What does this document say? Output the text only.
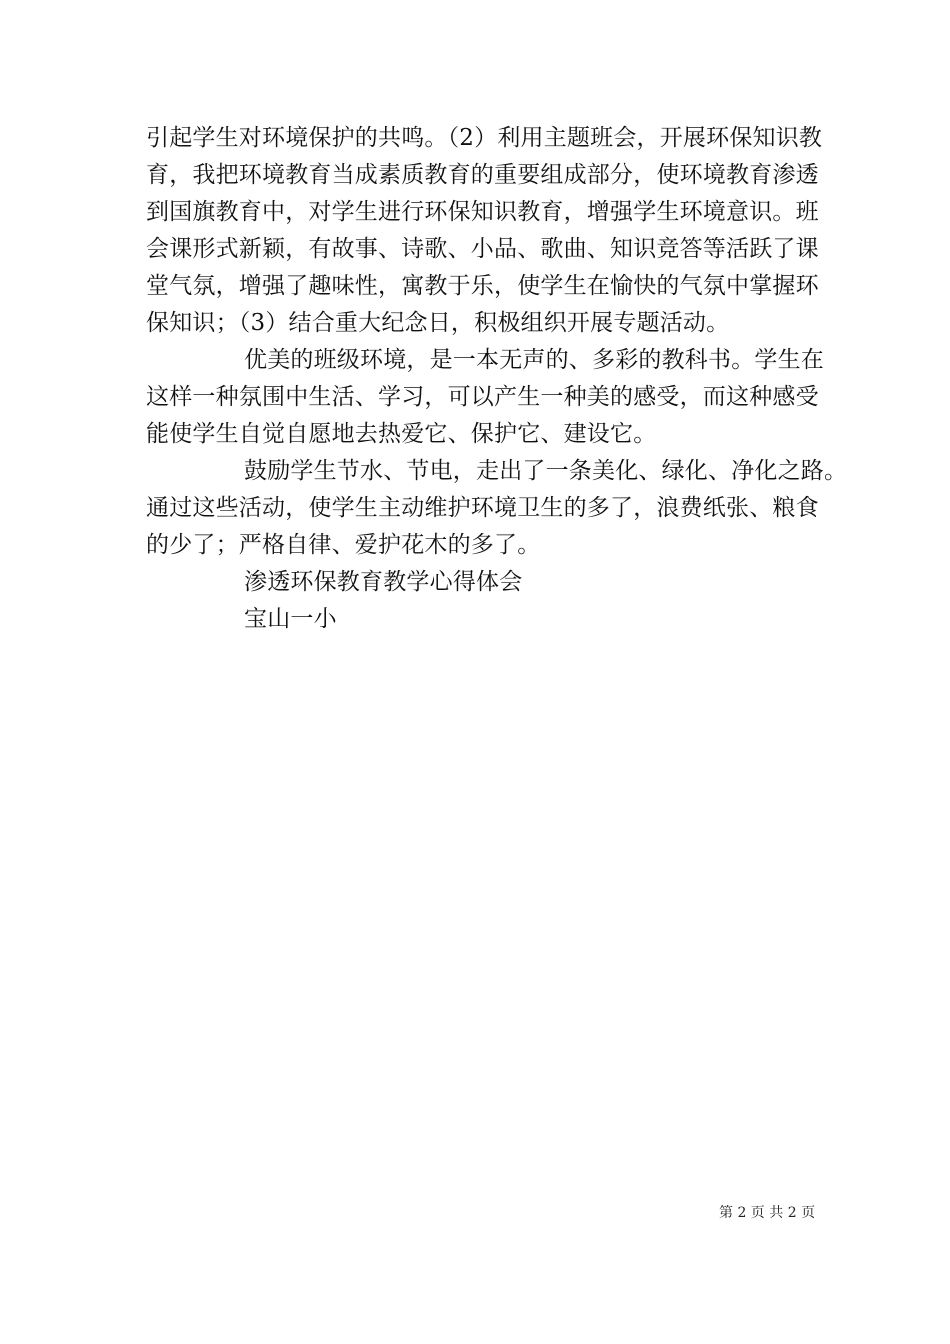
引起学生对环境保护的共鸣。（2）利用主题班会，开展环保知识教
育，我把环境教育当成素质教育的重要组成部分，使环境教育渗透
到国旗教育中，对学生进行环保知识教育，增强学生环境意识。班
会课形式新颖，有故事、诗歌、小品、歌曲、知识竞答等活跃了课
堂气氛，增强了趣味性，寓教于乐，使学生在愉快的气氛中掌握环
保知识；（3）结合重大纪念日，积极组织开展专题活动。
优美的班级环境，是一本无声的、多彩的教科书。学生在
这样一种氛围中生活、学习，可以产生一种美的感受，而这种感受
能使学生自觉自愿地去热爱它、保护它、建设它。
鼓励学生节水、节电，走出了一条美化、绿化、净化之路。
通过这些活动，使学生主动维护环境卫生的多了，浪费纸张、粮食
的少了；严格自律、爱护花木的多了。
渗透环保教育教学心得体会
宝山一小
第 2 页 共 2 页
